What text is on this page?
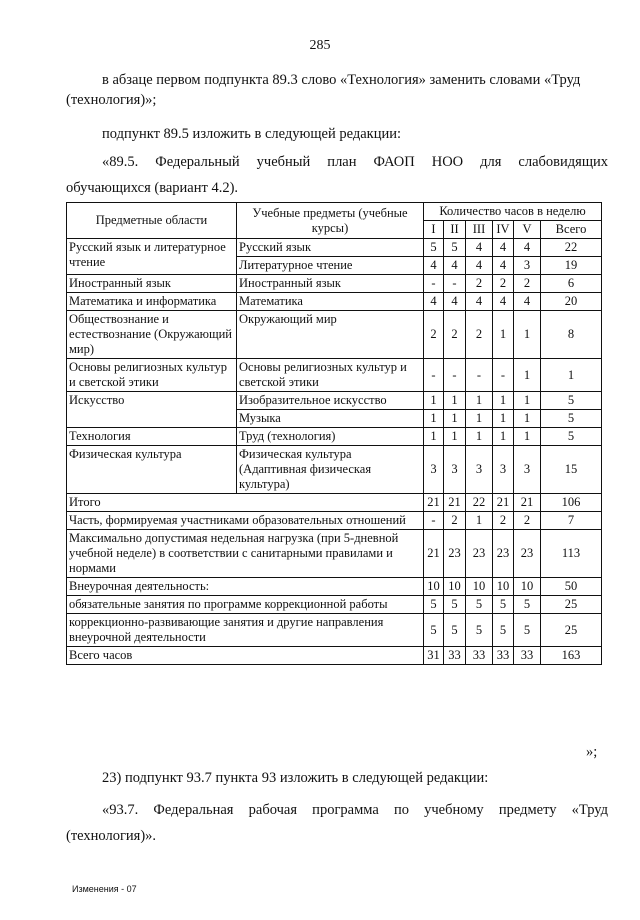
285

в абзаце первом подпункта 89.3 слово «Технология» заменить словами «Труд (технология)»;

подпункт 89.5 изложить в следующей редакции:

«89.5. Федеральный учебный план ФАОП НОО для слабовидящих

обучающихся (вариант 4.2).

Предметные области	Учебные предметы (учебные курсы)	Количество часов в неделю					
		I	II	III	IV	V	Всего
Русский язык и литературное чтение	Русский язык	5	5	4	4	4	22
	Литературное чтение	4	4	4	4	3	19
Иностранный язык	Иностранный язык	-	-	2	2	2	6
Математика и информатика	Математика	4	4	4	4	4	20
Обществознание и естествознание (Окружающий мир)	Окружающий мир	2	2	2	1	1	8
Основы религиозных культур и светской этики	Основы религиозных культур и светской этики	-	-	-	-	1	1
Искусство	Изобразительное искусство	1	1	1	1	1	5
	Музыка	1	1	1	1	1	5
Технология	Труд (технология)	1	1	1	1	1	5
Физическая культура	Физическая культура (Адаптивная физическая культура)	3	3	3	3	3	15
Итого		21	21	22	21	21	106
Часть, формируемая участниками образовательных отношений		-	2	1	2	2	7
Максимально допустимая недельная нагрузка (при 5-дневной учебной неделе) в соответствии с санитарными правилами и нормами		21	23	23	23	23	113
Внеурочная деятельность:		10	10	10	10	10	50
обязательные занятия по программе коррекционной работы		5	5	5	5	5	25
коррекционно-развивающие занятия и другие направления внеурочной деятельности		5	5	5	5	5	25
Всего часов		31	33	33	33	33	163
»;

23) подпункт 93.7 пункта 93 изложить в следующей редакции:

«93.7. Федеральная рабочая программа по учебному предмету «Труд

(технология)».

Изменения - 07
